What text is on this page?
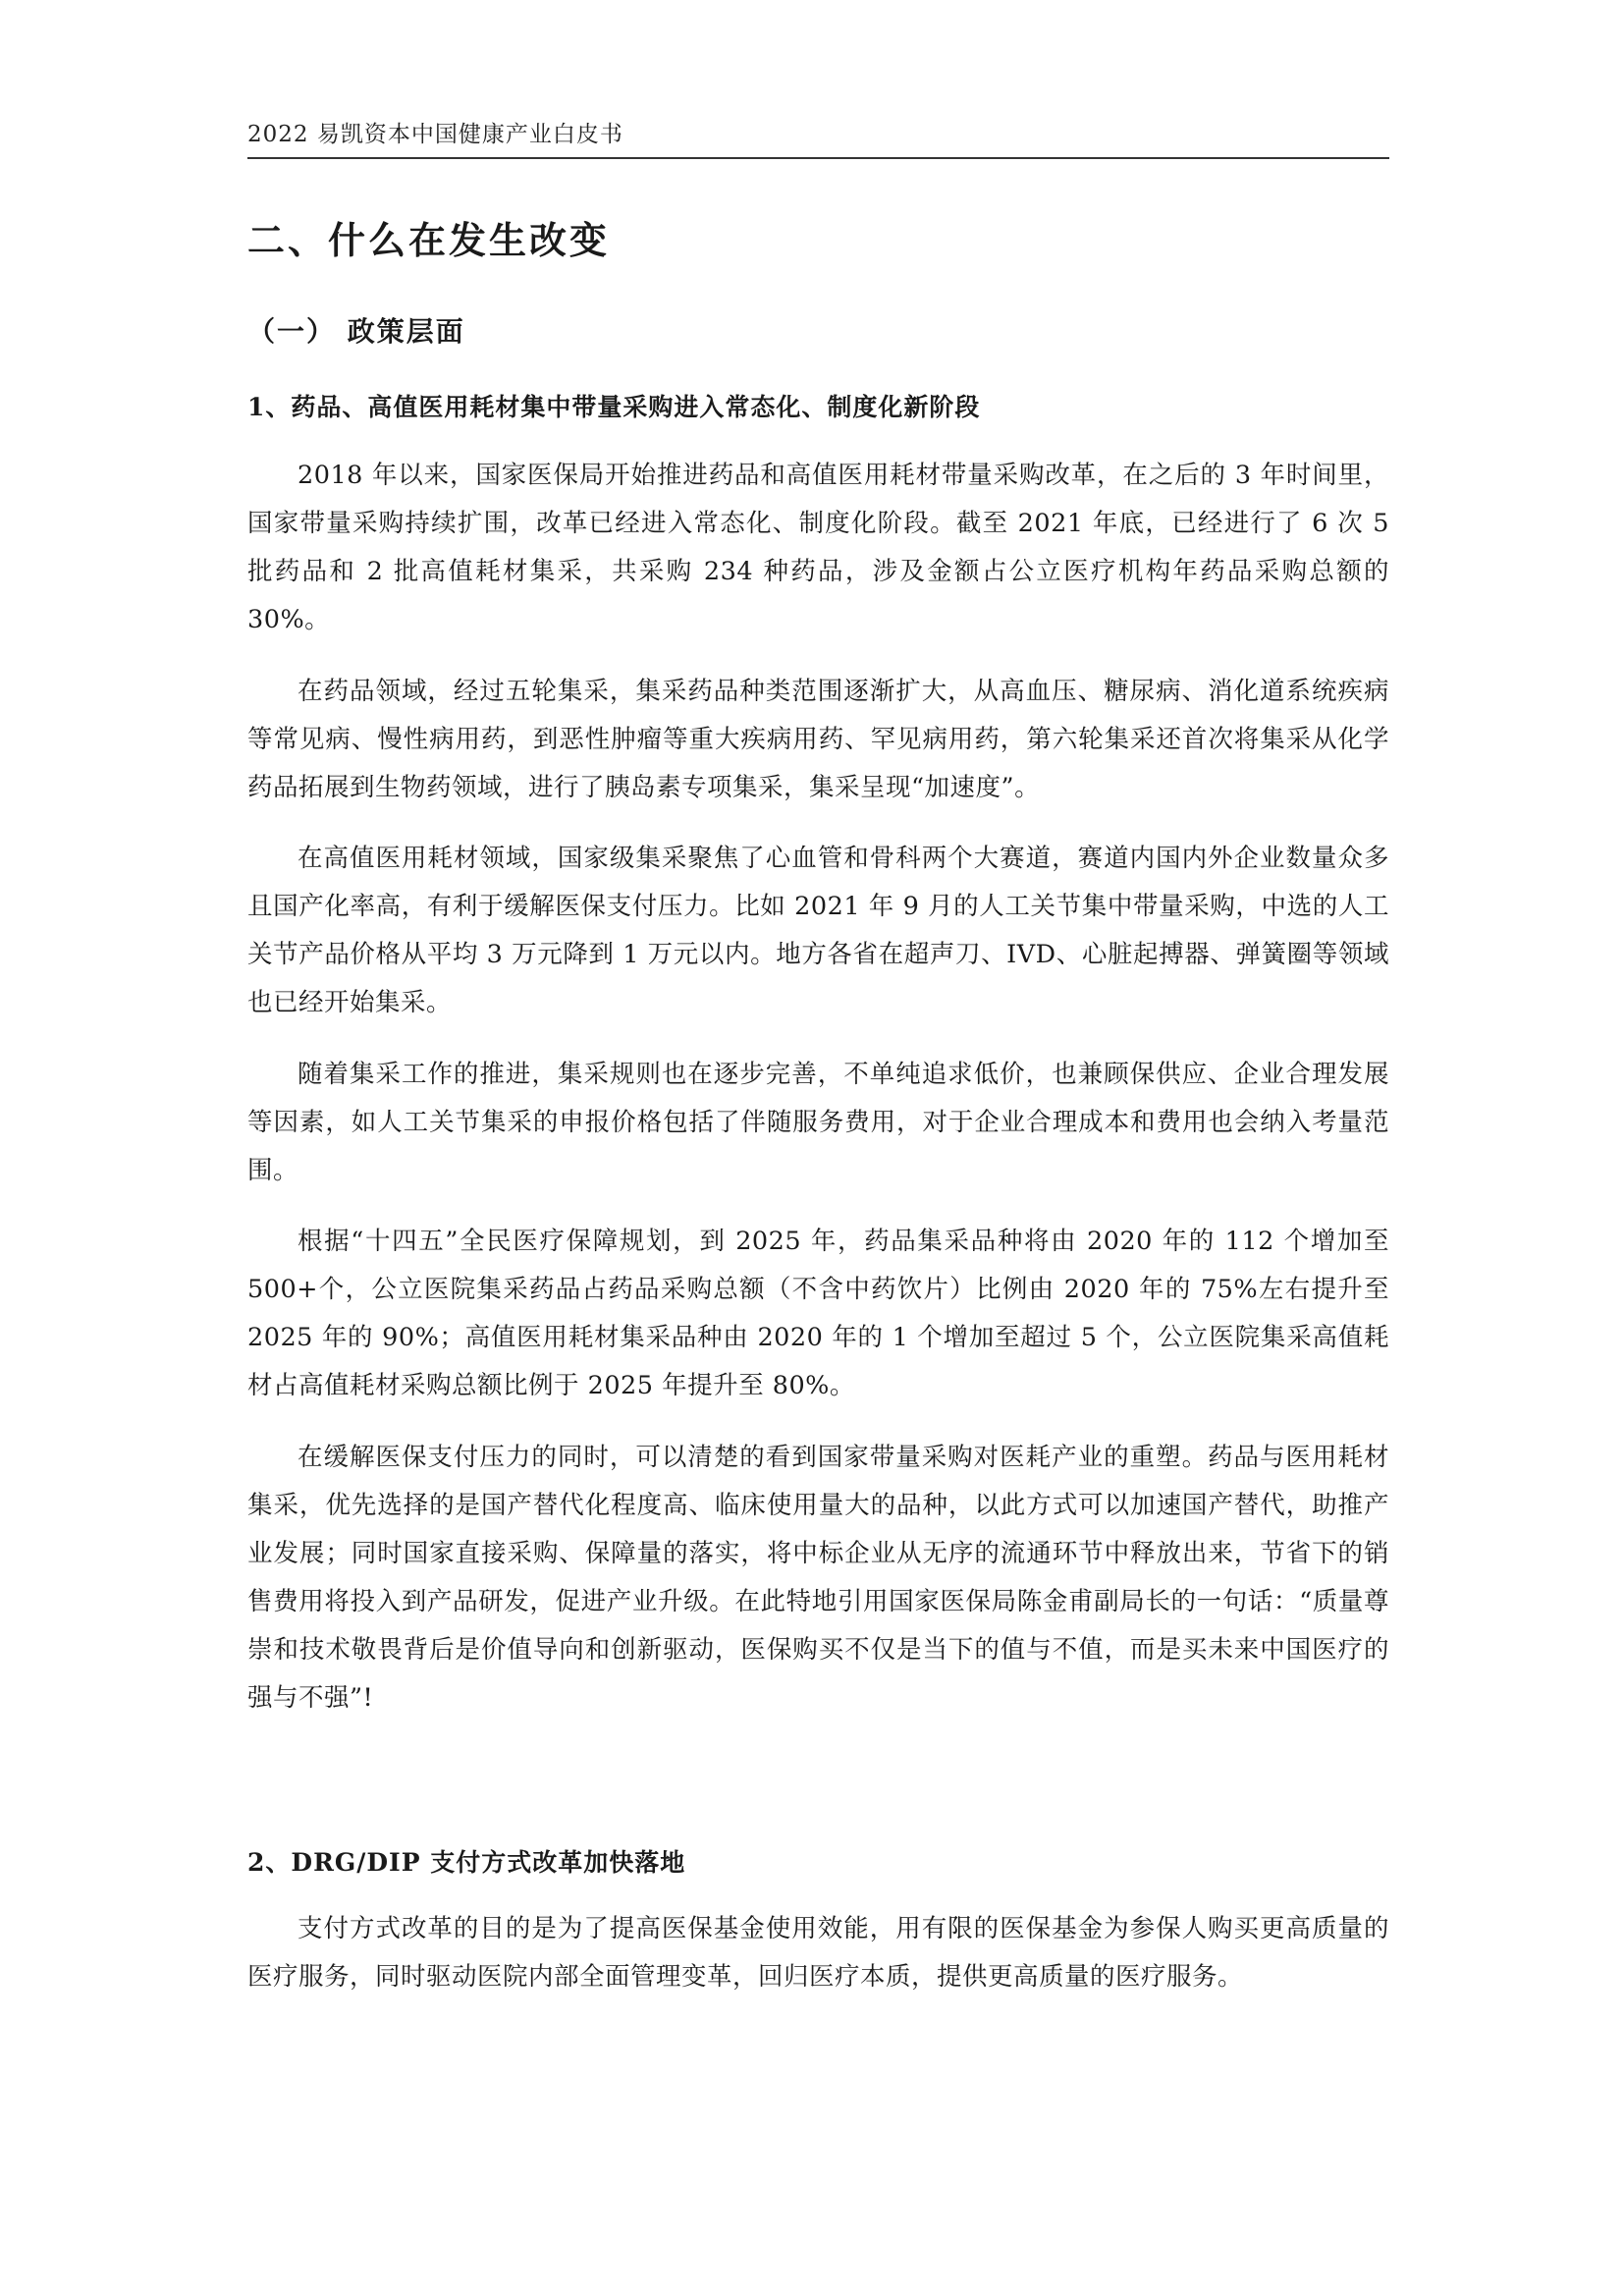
2022 易凯资本中国健康产业白皮书
二、什么在发生改变
（一） 政策层面
1、药品、高值医用耗材集中带量采购进入常态化、制度化新阶段

2018 年以来，国家医保局开始推进药品和高值医用耗材带量采购改革，在之后的 3 年时间里，国家带量采购持续扩围，改革已经进入常态化、制度化阶段。截至 2021 年底，已经进行了 6 次 5 批药品和 2 批高值耗材集采，共采购 234 种药品，涉及金额占公立医疗机构年药品采购总额的 30%。

在药品领域，经过五轮集采，集采药品种类范围逐渐扩大，从高血压、糖尿病、消化道系统疾病等常见病、慢性病用药，到恶性肿瘤等重大疾病用药、罕见病用药，第六轮集采还首次将集采从化学药品拓展到生物药领域，进行了胰岛素专项集采，集采呈现“加速度”。

在高值医用耗材领域，国家级集采聚焦了心血管和骨科两个大赛道，赛道内国内外企业数量众多且国产化率高，有利于缓解医保支付压力。比如 2021 年 9 月的人工关节集中带量采购，中选的人工关节产品价格从平均 3 万元降到 1 万元以内。地方各省在超声刀、IVD、心脏起搏器、弹簧圈等领域也已经开始集采。

随着集采工作的推进，集采规则也在逐步完善，不单纯追求低价，也兼顾保供应、企业合理发展等因素，如人工关节集采的申报价格包括了伴随服务费用，对于企业合理成本和费用也会纳入考量范围。

根据“十四五”全民医疗保障规划，到 2025 年，药品集采品种将由 2020 年的 112 个增加至 500+个，公立医院集采药品占药品采购总额（不含中药饮片）比例由 2020 年的 75%左右提升至 2025 年的 90%；高值医用耗材集采品种由 2020 年的 1 个增加至超过 5 个，公立医院集采高值耗材占高值耗材采购总额比例于 2025 年提升至 80%。

在缓解医保支付压力的同时，可以清楚的看到国家带量采购对医耗产业的重塑。药品与医用耗材集采，优先选择的是国产替代化程度高、临床使用量大的品种，以此方式可以加速国产替代，助推产业发展；同时国家直接采购、保障量的落实，将中标企业从无序的流通环节中释放出来，节省下的销售费用将投入到产品研发，促进产业升级。在此特地引用国家医保局陈金甫副局长的一句话：“质量尊崇和技术敬畏背后是价值导向和创新驱动，医保购买不仅是当下的值与不值，而是买未来中国医疗的强与不强”!

2、DRG/DIP 支付方式改革加快落地

支付方式改革的目的是为了提高医保基金使用效能，用有限的医保基金为参保人购买更高质量的医疗服务，同时驱动医院内部全面管理变革，回归医疗本质，提供更高质量的医疗服务。
